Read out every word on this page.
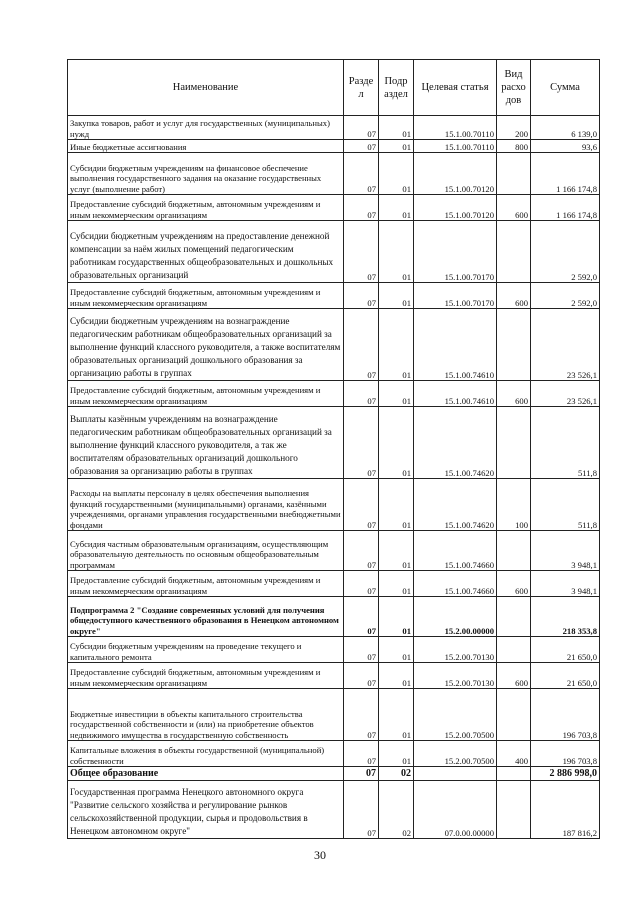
Наименование	Разде л	Подр аздел	Целевая статья	Вид расхо дов	Сумма
Закупка товаров, работ и услуг для государственных (муниципальных) нужд	07	01	15.1.00.70110	200	6 139,0
Иные бюджетные ассигнования	07	01	15.1.00.70110	800	93,6
Субсидии бюджетным учреждениям на финансовое обеспечение выполнения государственного задания на оказание государственных услуг (выполнение работ)	07	01	15.1.00.70120		1 166 174,8
Предоставление субсидий бюджетным, автономным учреждениям и иным некоммерческим организациям	07	01	15.1.00.70120	600	1 166 174,8
Субсидии бюджетным учреждениям на предоставление денежной компенсации за наём жилых помещений педагогическим работникам государственных общеобразовательных и дошкольных образовательных организаций	07	01	15.1.00.70170		2 592,0
Предоставление субсидий бюджетным, автономным учреждениям и иным некоммерческим организациям	07	01	15.1.00.70170	600	2 592,0
Субсидии бюджетным учреждениям на вознаграждение педагогическим работникам общеобразовательных организаций за выполнение функций классного руководителя, а также воспитателям образовательных организаций дошкольного образования за организацию работы в группах	07	01	15.1.00.74610		23 526,1
Предоставление субсидий бюджетным, автономным учреждениям и иным некоммерческим организациям	07	01	15.1.00.74610	600	23 526,1
Выплаты казённым учреждениям на вознаграждение педагогическим работникам общеобразовательных организаций за выполнение функций классного руководителя, а так же воспитателям образовательных организаций дошкольного образования за организацию работы в группах	07	01	15.1.00.74620		511,8
Расходы на выплаты персоналу в целях обеспечения выполнения функций государственными (муниципальными) органами, казёнными учреждениями, органами управления государственными внебюджетными фондами	07	01	15.1.00.74620	100	511,8
Субсидия частным образовательным организациям, осуществляющим образовательную деятельность по основным общеобразовательным программам	07	01	15.1.00.74660		3 948,1
Предоставление субсидий бюджетным, автономным учреждениям и иным некоммерческим организациям	07	01	15.1.00.74660	600	3 948,1
Подпрограмма 2 "Создание современных условий для получения общедоступного качественного образования в Ненецком автономном округе"	07	01	15.2.00.00000		218 353,8
Субсидии бюджетным учреждениям на проведение текущего и капитального ремонта	07	01	15.2.00.70130		21 650,0
Предоставление субсидий бюджетным, автономным учреждениям и иным некоммерческим организациям	07	01	15.2.00.70130	600	21 650,0
Бюджетные инвестиции в объекты капитального строительства государственной собственности и (или) на приобретение объектов недвижимого имущества в государственную собственность	07	01	15.2.00.70500		196 703,8
Капитальные вложения в объекты государственной (муниципальной) собственности	07	01	15.2.00.70500	400	196 703,8
Общее образование	07	02			2 886 998,0
Государственная программа Ненецкого автономного округа "Развитие сельского хозяйства и регулирование рынков сельскохозяйственной продукции, сырья и продовольствия в Ненецком автономном округе"	07	02	07.0.00.00000		187 816,2
30
